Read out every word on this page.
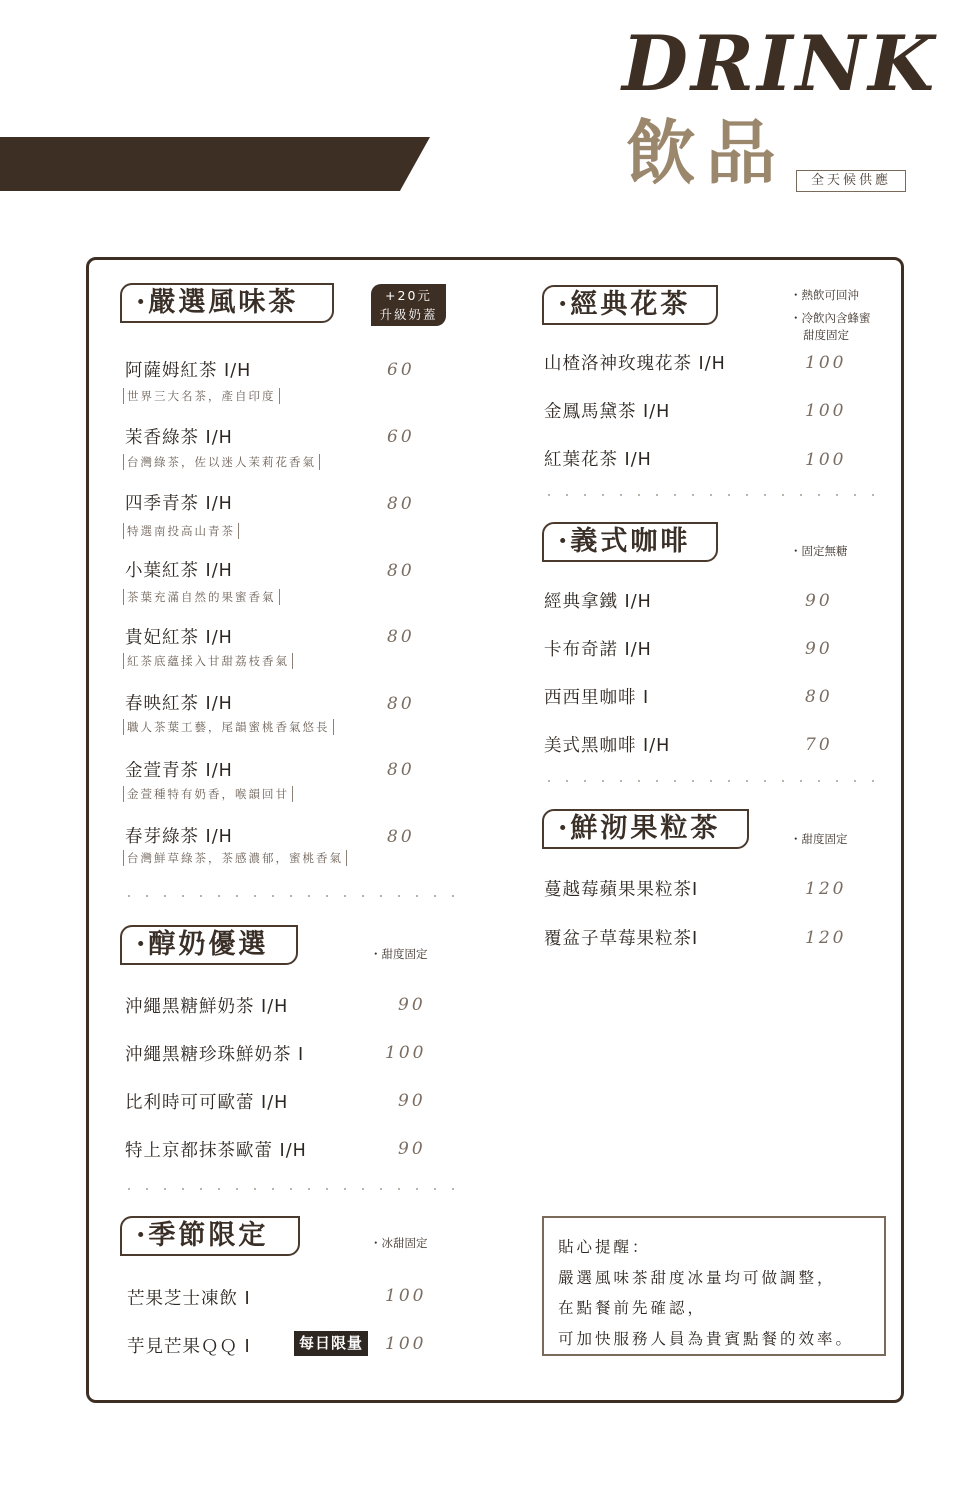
DRINK
飲品	全天候供應
·嚴選風味茶	+20元
升級奶蓋
阿薩姆紅茶 I/H	60
世界三大名茶，產自印度
茉香綠茶 I/H	60
台灣綠茶，佐以迷人茉莉花香氣
四季青茶 I/H	80
特選南投高山青茶
小葉紅茶 I/H	80
茶葉充滿自然的果蜜香氣
貴妃紅茶 I/H	80
紅茶底蘊揉入甘甜荔枝香氣
春映紅茶 I/H	80
職人茶葉工藝，尾韻蜜桃香氣悠長
金萱青茶 I/H	80
金萱種特有奶香，喉韻回甘
春芽綠茶 I/H	80
台灣鮮草綠茶，茶感濃郁，蜜桃香氣
·醇奶優選	・甜度固定
沖繩黑糖鮮奶茶 I/H	90
沖繩黑糖珍珠鮮奶茶 I	100
比利時可可歐蕾 I/H	90
特上京都抹茶歐蕾 I/H	90
·季節限定	・冰甜固定
芒果芝士凍飲 I	100
芋見芒果ＱＱ I	每日限量 100
·經典花茶	・熱飲可回沖
・冷飲內含蜂蜜
甜度固定
山楂洛神玫瑰花茶 I/H	100
金鳳馬黛茶 I/H	100
紅葉花茶 I/H	100
·義式咖啡	・固定無糖
經典拿鐵 I/H	90
卡布奇諾 I/H	90
西西里咖啡 I	80
美式黑咖啡 I/H	70
·鮮沏果粒茶	・甜度固定
蔓越莓蘋果果粒茶I	120
覆盆子草莓果粒茶I	120
貼心提醒：
嚴選風味茶甜度冰量均可做調整，
在點餐前先確認，
可加快服務人員為貴賓點餐的效率。
